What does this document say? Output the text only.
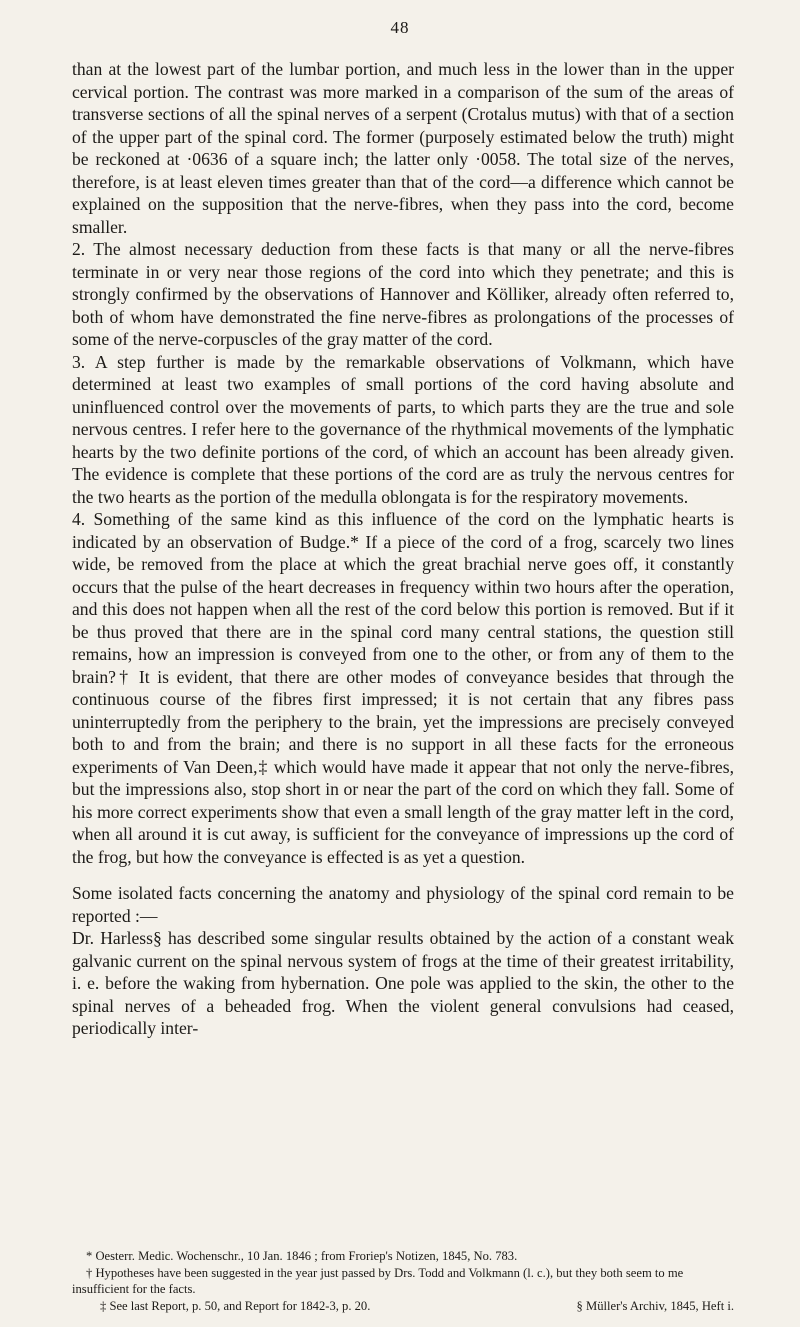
48

than at the lowest part of the lumbar portion, and much less in the lower than in the upper cervical portion. The contrast was more marked in a comparison of the sum of the areas of transverse sections of all the spinal nerves of a serpent (Crotalus mutus) with that of a section of the upper part of the spinal cord. The former (purposely estimated below the truth) might be reckoned at ·0636 of a square inch; the latter only ·0058. The total size of the nerves, therefore, is at least eleven times greater than that of the cord—a difference which cannot be explained on the supposition that the nerve-fibres, when they pass into the cord, become smaller.

2. The almost necessary deduction from these facts is that many or all the nerve-fibres terminate in or very near those regions of the cord into which they penetrate; and this is strongly confirmed by the observations of Hannover and Kölliker, already often referred to, both of whom have demonstrated the fine nerve-fibres as prolongations of the processes of some of the nerve-corpuscles of the gray matter of the cord.

3. A step further is made by the remarkable observations of Volkmann, which have determined at least two examples of small portions of the cord having absolute and uninfluenced control over the movements of parts, to which parts they are the true and sole nervous centres. I refer here to the governance of the rhythmical movements of the lymphatic hearts by the two definite portions of the cord, of which an account has been already given. The evidence is complete that these portions of the cord are as truly the nervous centres for the two hearts as the portion of the medulla oblongata is for the respiratory movements.

4. Something of the same kind as this influence of the cord on the lymphatic hearts is indicated by an observation of Budge.* If a piece of the cord of a frog, scarcely two lines wide, be removed from the place at which the great brachial nerve goes off, it constantly occurs that the pulse of the heart decreases in frequency within two hours after the operation, and this does not happen when all the rest of the cord below this portion is removed. But if it be thus proved that there are in the spinal cord many central stations, the question still remains, how an impression is conveyed from one to the other, or from any of them to the brain?† It is evident, that there are other modes of conveyance besides that through the continuous course of the fibres first impressed; it is not certain that any fibres pass uninterruptedly from the periphery to the brain, yet the impressions are precisely conveyed both to and from the brain; and there is no support in all these facts for the erroneous experiments of Van Deen,‡ which would have made it appear that not only the nerve-fibres, but the impressions also, stop short in or near the part of the cord on which they fall. Some of his more correct experiments show that even a small length of the gray matter left in the cord, when all around it is cut away, is sufficient for the conveyance of impressions up the cord of the frog, but how the conveyance is effected is as yet a question.

Some isolated facts concerning the anatomy and physiology of the spinal cord remain to be reported :—

Dr. Harless§ has described some singular results obtained by the action of a constant weak galvanic current on the spinal nervous system of frogs at the time of their greatest irritability, i. e. before the waking from hybernation. One pole was applied to the skin, the other to the spinal nerves of a beheaded frog. When the violent general convulsions had ceased, periodically inter-

* Oesterr. Medic. Wochenschr., 10 Jan. 1846 ; from Froriep's Notizen, 1845, No. 783.

† Hypotheses have been suggested in the year just passed by Drs. Todd and Volkmann (l. c.), but they both seem to me insufficient for the facts.

‡ See last Report, p. 50, and Report for 1842-3, p. 20.	§ Müller's Archiv, 1845, Heft i.
